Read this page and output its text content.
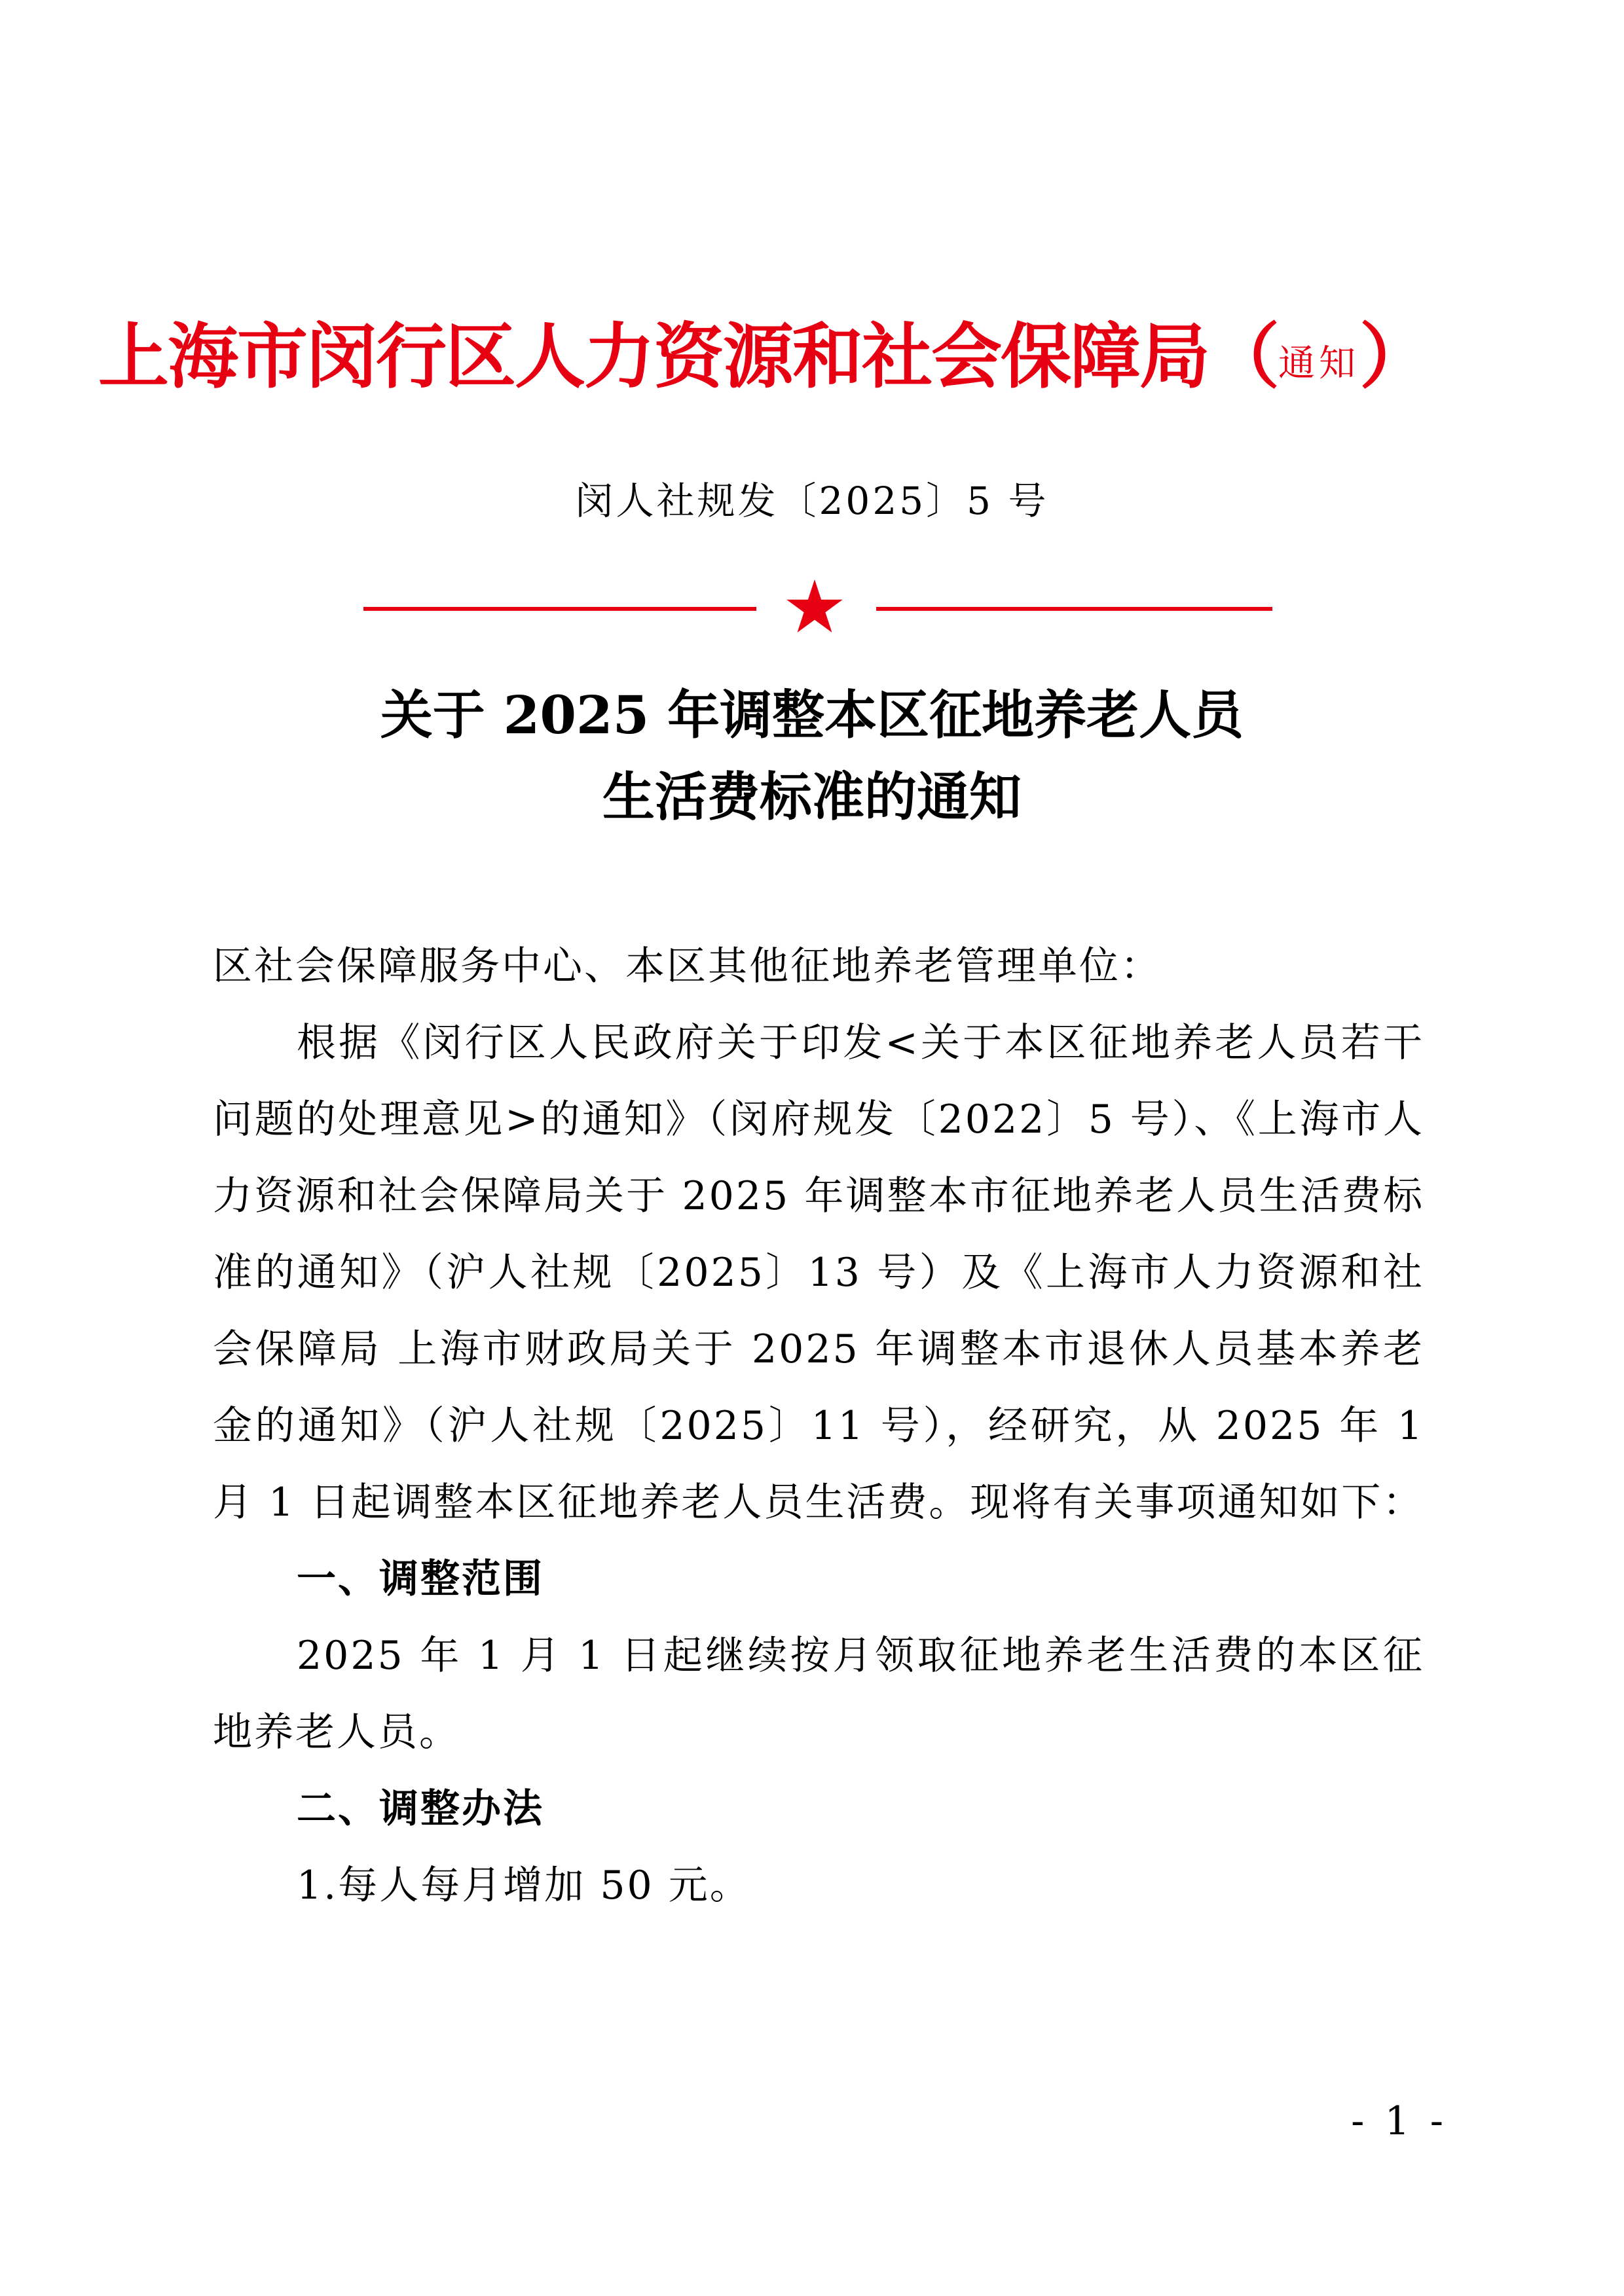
上海市闵行区人力资源和社会保障局（通知）
闵人社规发〔2025〕5 号
关于 2025 年调整本区征地养老人员
生活费标准的通知

区社会保障服务中心、本区其他征地养老管理单位：

根据《闵行区人民政府关于印发<关于本区征地养老人员若干问题的处理意见>的通知》（闵府规发〔2022〕5 号）、《上海市人力资源和社会保障局关于 2025 年调整本市征地养老人员生活费标准的通知》（沪人社规〔2025〕13 号）及《上海市人力资源和社会保障局 上海市财政局关于 2025 年调整本市退休人员基本养老金的通知》（沪人社规〔2025〕11 号），经研究，从 2025 年 1 月 1 日起调整本区征地养老人员生活费。现将有关事项通知如下：

一、调整范围

2025 年 1 月 1 日起继续按月领取征地养老生活费的本区征地养老人员。

二、调整办法

1.每人每月增加 50 元。

- 1 -
